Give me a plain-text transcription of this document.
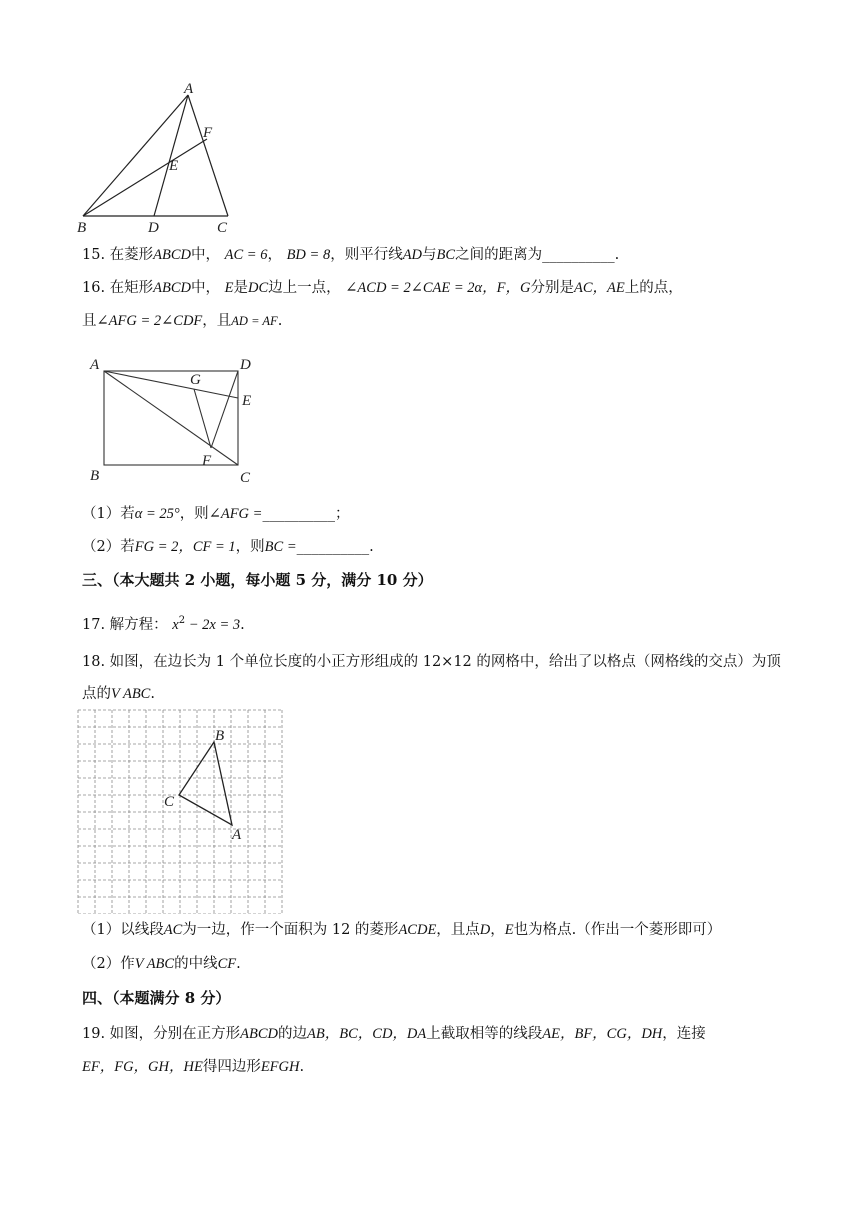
A
F
E
B	D	C
15. 在菱形ABCD中， AC = 6， BD = 8，则平行线AD与BC之间的距离为__________.
16. 在矩形ABCD中， E是DC边上一点， ∠ACD = 2∠CAE = 2α，F，G分别是AC，AE上的点，
且∠AFG = 2∠CDF，且AD = AF.
A	D
G
E
B
F
C
（1）若α = 25°，则∠AFG =__________；
（2）若FG = 2，CF = 1，则BC =__________.
三、（本大题共 2 小题，每小题 5 分，满分 10 分）
17. 解方程： $x^2 - 2x = 3$.
18. 如图，在边长为 1 个单位长度的小正方形组成的 12×12 的网格中，给出了以格点（网格线的交点）为顶
点的V ABC.
B
C
A
（1）以线段AC为一边，作一个面积为 12 的菱形ACDE，且点D，E也为格点.（作出一个菱形即可）
（2）作V ABC的中线CF.
四、（本题满分 8 分）
19. 如图，分别在正方形ABCD的边AB，BC，CD，DA上截取相等的线段AE，BF，CG，DH，连接
EF，FG，GH，HE得四边形EFGH.
